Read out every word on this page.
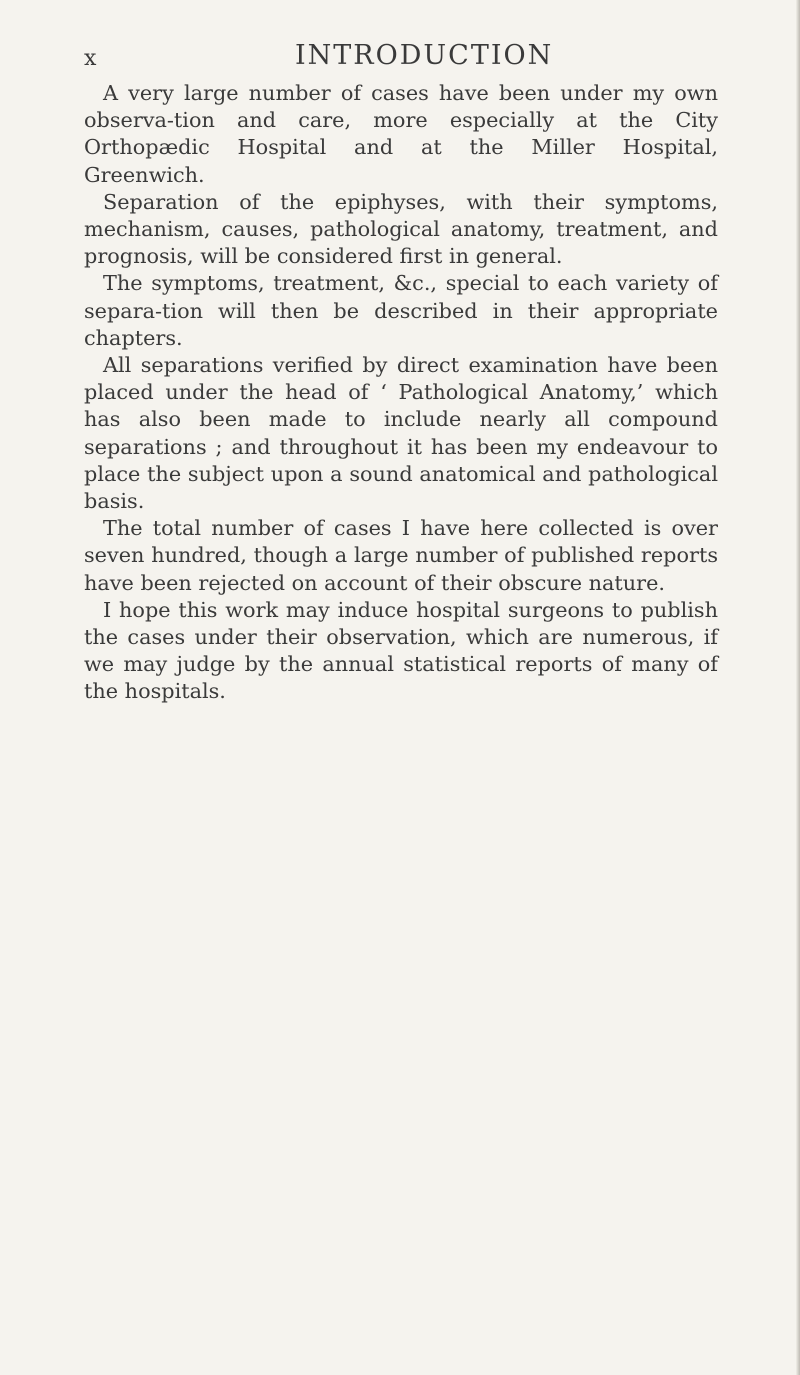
x	INTRODUCTION

A very large number of cases have been under my own observa-tion and care, more especially at the City Orthopædic Hospital and at the Miller Hospital, Greenwich.

Separation of the epiphyses, with their symptoms, mechanism, causes, pathological anatomy, treatment, and prognosis, will be considered first in general.

The symptoms, treatment, &c., special to each variety of separa-tion will then be described in their appropriate chapters.

All separations verified by direct examination have been placed under the head of ‘ Pathological Anatomy,’ which has also been made to include nearly all compound separations ; and throughout it has been my endeavour to place the subject upon a sound anatomical and pathological basis.

The total number of cases I have here collected is over seven hundred, though a large number of published reports have been rejected on account of their obscure nature.

I hope this work may induce hospital surgeons to publish the cases under their observation, which are numerous, if we may judge by the annual statistical reports of many of the hospitals.
